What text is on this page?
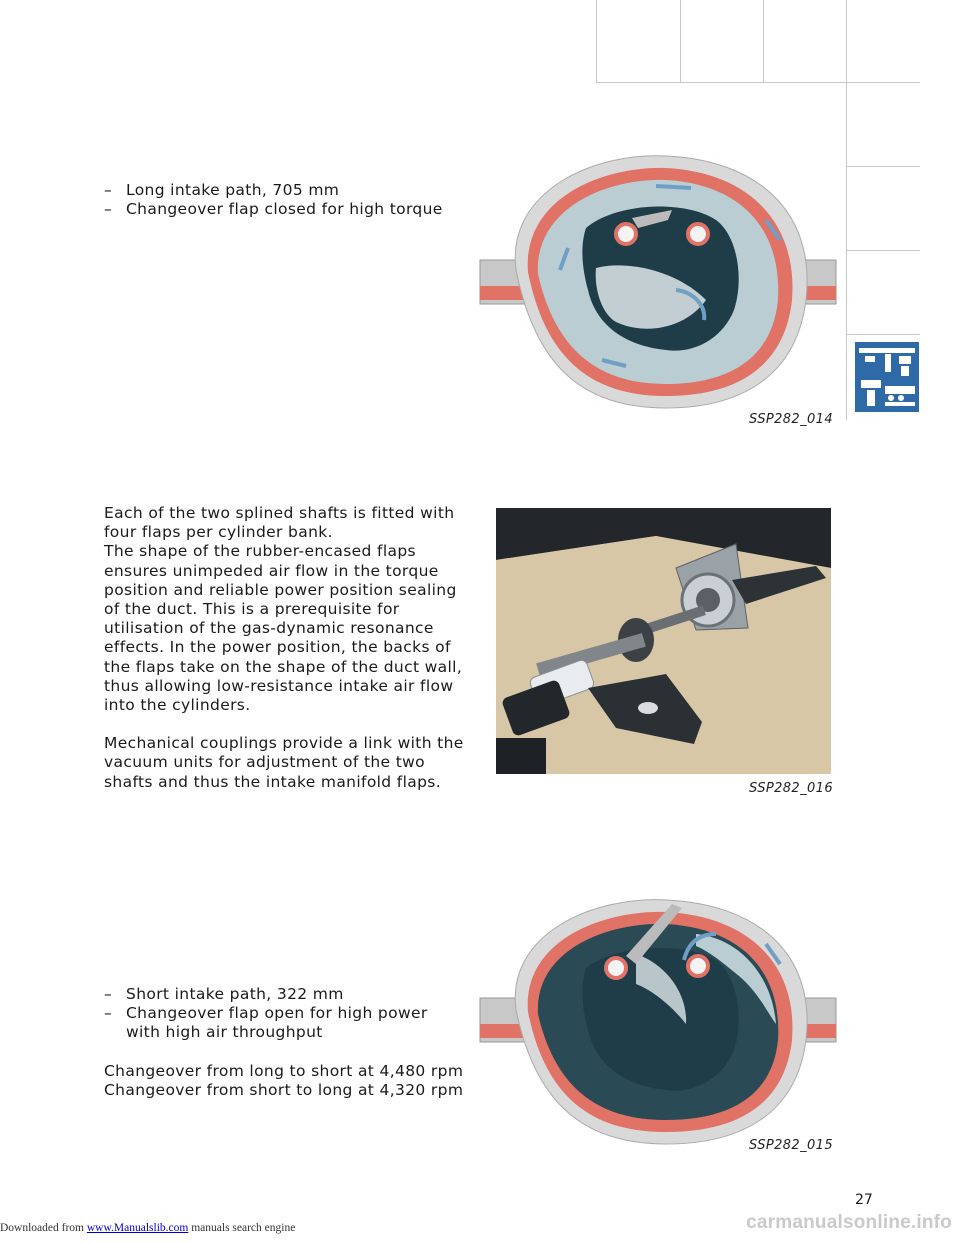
– Long intake path, 705 mm
– Changeover flap closed for high torque
SSP282_014

Each of the two splined shafts is fitted with

four flaps per cylinder bank.

The shape of the rubber-encased flaps

ensures unimpeded air flow in the torque

position and reliable power position sealing

of the duct. This is a prerequisite for

utilisation of the gas-dynamic resonance

effects. In the power position, the backs of

the flaps take on the shape of the duct wall,

thus allowing low-resistance intake air flow

into the cylinders.

Mechanical couplings provide a link with the

vacuum units for adjustment of the two

shafts and thus the intake manifold flaps.	SSP282_016
– Short intake path, 322 mm
– Changeover flap open for high power
with high air throughput
Changeover from long to short at 4,480 rpm
Changeover from short to long at 4,320 rpm
SSP282_015
27
Downloaded from www.Manualslib.com manuals search engine	carmanualsonline.info
